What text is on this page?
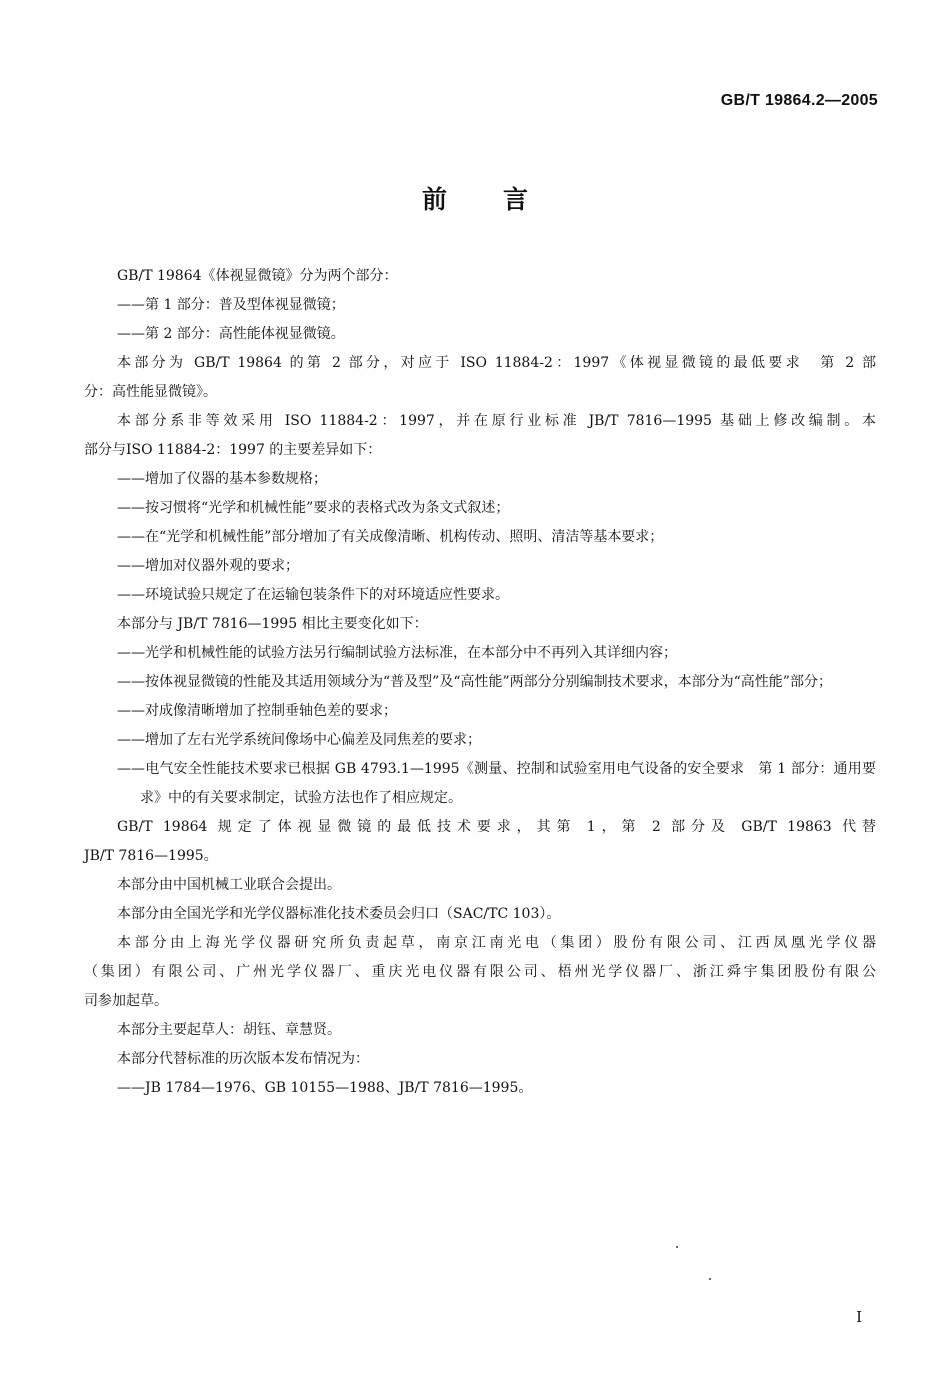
GB/T 19864.2—2005
前言

GB/T 19864《体视显微镜》分为两个部分：

——第 1 部分：普及型体视显微镜；

——第 2 部分：高性能体视显微镜。

本部分为 GB/T 19864 的第 2 部分，对应于 ISO 11884-2：1997《体视显微镜的最低要求　第 2 部

分：高性能显微镜》。

本部分系非等效采用 ISO 11884-2：1997，并在原行业标准 JB/T 7816—1995 基础上修改编制。本

部分与ISO 11884-2：1997 的主要差异如下：

——增加了仪器的基本参数规格；

——按习惯将“光学和机械性能”要求的表格式改为条文式叙述；

——在“光学和机械性能”部分增加了有关成像清晰、机构传动、照明、清洁等基本要求；

——增加对仪器外观的要求；

——环境试验只规定了在运输包装条件下的对环境适应性要求。

本部分与 JB/T 7816—1995 相比主要变化如下：

——光学和机械性能的试验方法另行编制试验方法标准，在本部分中不再列入其详细内容；

——按体视显微镜的性能及其适用领域分为“普及型”及“高性能”两部分分别编制技术要求，本部分为“高性能”部分；

——对成像清晰增加了控制垂轴色差的要求；

——增加了左右光学系统间像场中心偏差及同焦差的要求；

——电气安全性能技术要求已根据 GB 4793.1—1995《测量、控制和试验室用电气设备的安全要求　第 1 部分：通用要求》中的有关要求制定，试验方法也作了相应规定。

GB/T 19864 规定了体视显微镜的最低技术要求，其第 1，第 2 部分及 GB/T 19863 代替

JB/T 7816—1995。

本部分由中国机械工业联合会提出。

本部分由全国光学和光学仪器标准化技术委员会归口（SAC/TC 103）。

本部分由上海光学仪器研究所负责起草，南京江南光电（集团）股份有限公司、江西凤凰光学仪器

（集团）有限公司、广州光学仪器厂、重庆光电仪器有限公司、梧州光学仪器厂、浙江舜宇集团股份有限公

司参加起草。

本部分主要起草人：胡钰、章慧贤。

本部分代替标准的历次版本发布情况为：

——JB 1784—1976、GB 10155—1988、JB/T 7816—1995。

I
